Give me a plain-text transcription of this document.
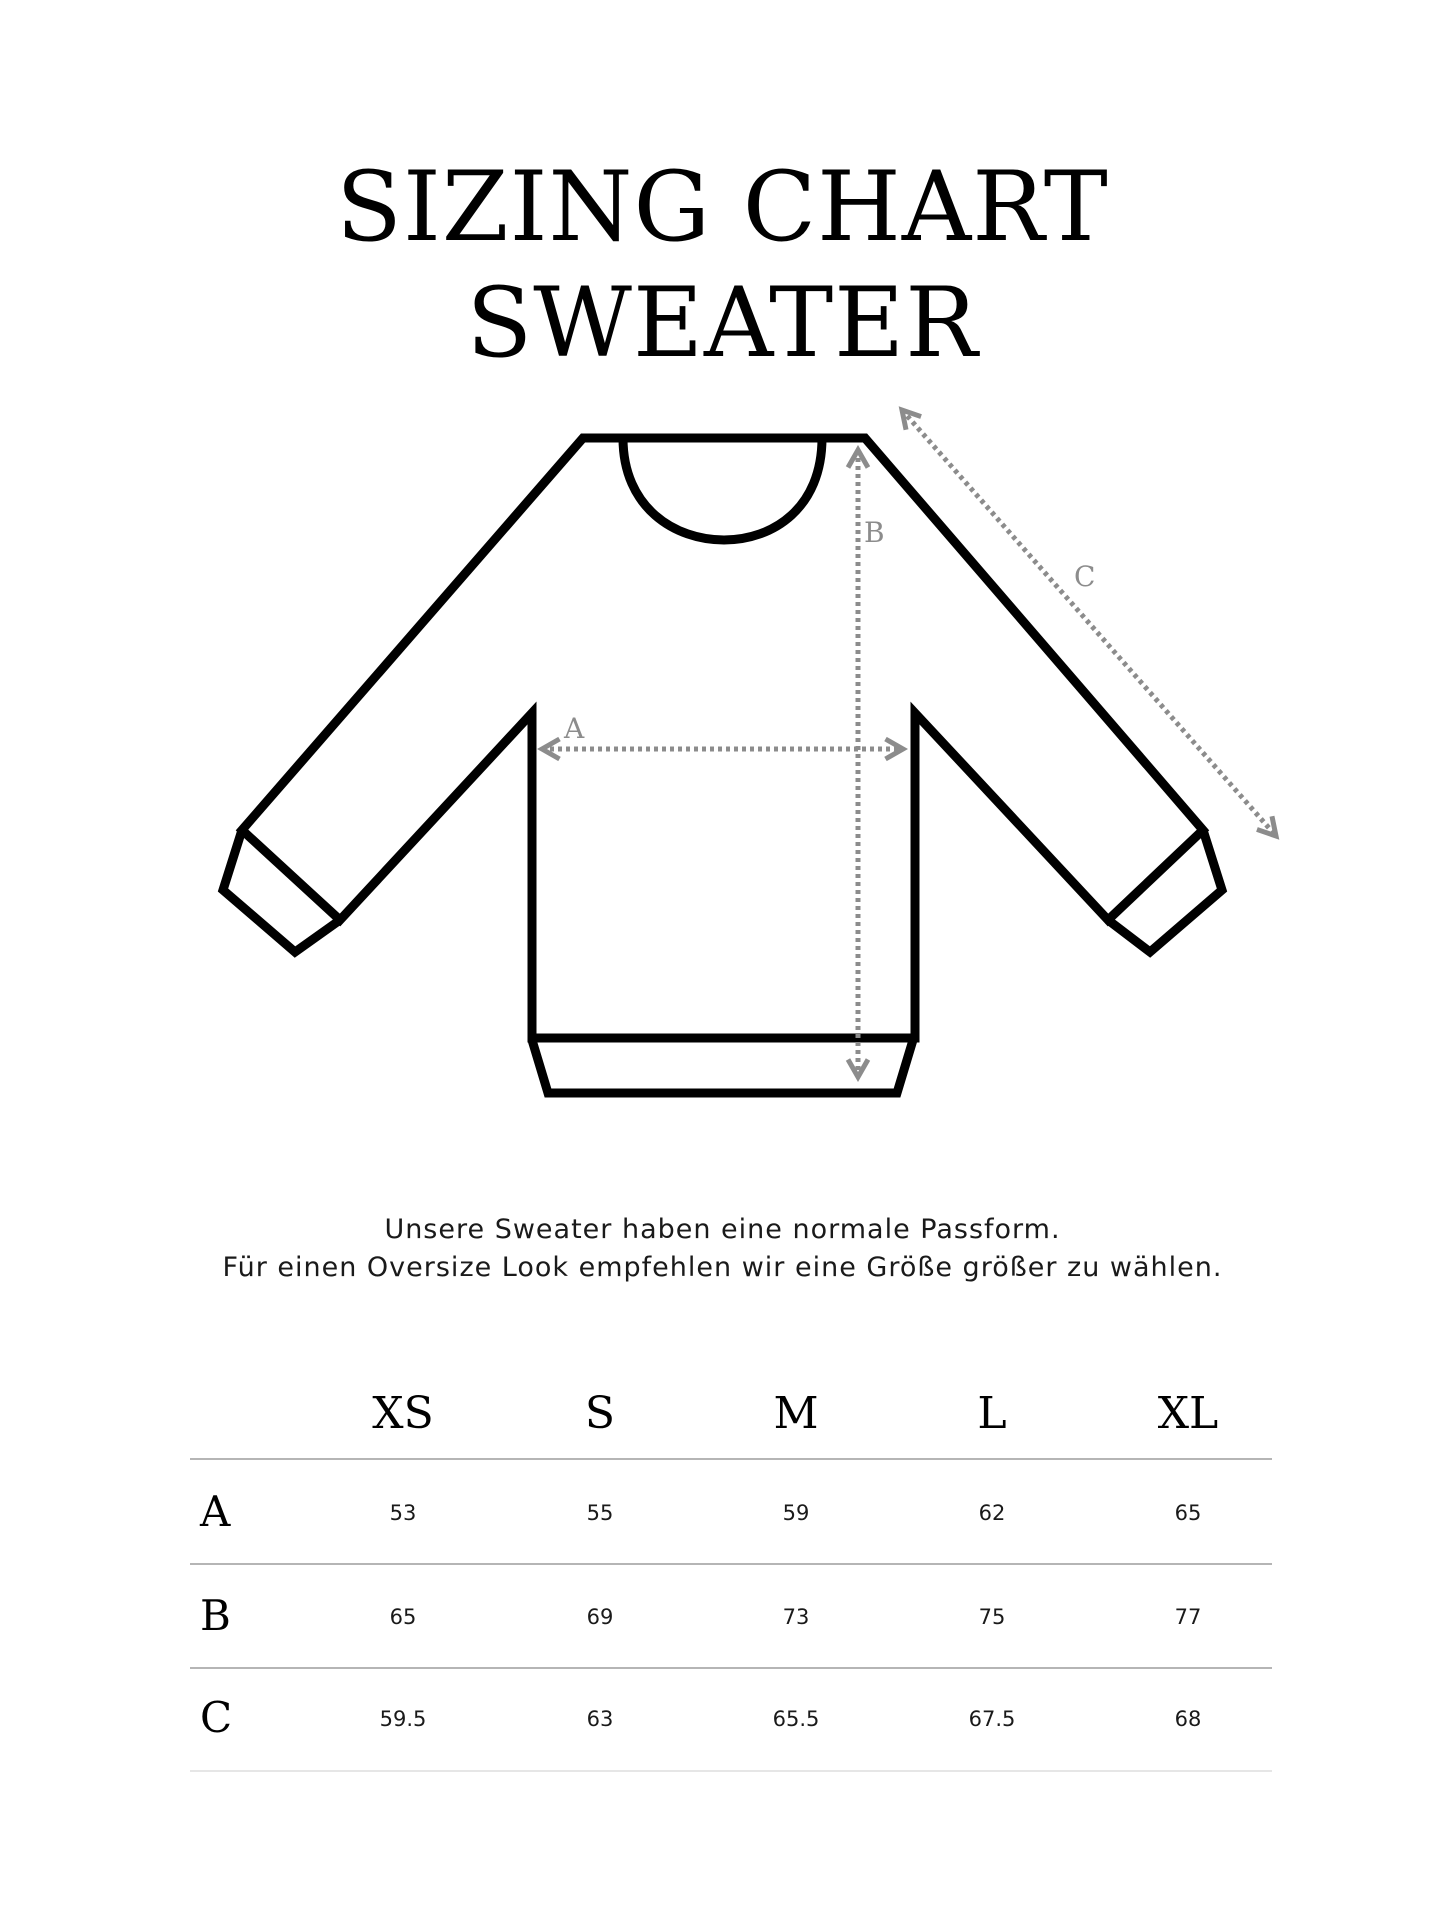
SIZING CHART
SWEATER
A
B
C
Unsere Sweater haben eine normale Passform.
Für einen Oversize Look empfehlen wir eine Größe größer zu wählen.
XS	S	M	L	XL
A	53	55	59	62	65
B	65	69	73	75	77
C	59.5	63	65.5	67.5	68
